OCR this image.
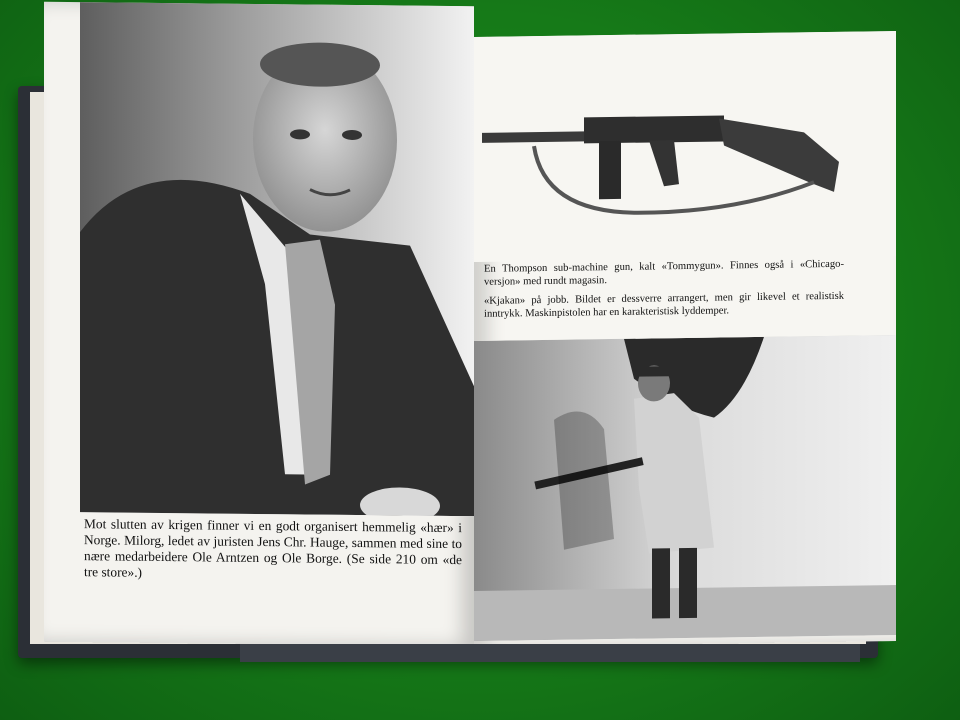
Mot slutten av krigen finner vi en godt organisert hemmelig «hær» i Norge. Milorg, ledet av juristen Jens Chr. Hauge, sammen med sine to nære medarbeidere Ole Arntzen og Ole Borge. (Se side 210 om «de tre store».)
En Thompson sub-machine gun, kalt «Tommygun». Finnes også i «Chicago-versjon» med rundt magasin.
«Kjakan» på jobb. Bildet er dessverre arrangert, men gir likevel et realistisk inntrykk. Maskinpistolen har en karakteristisk lyddemper.
